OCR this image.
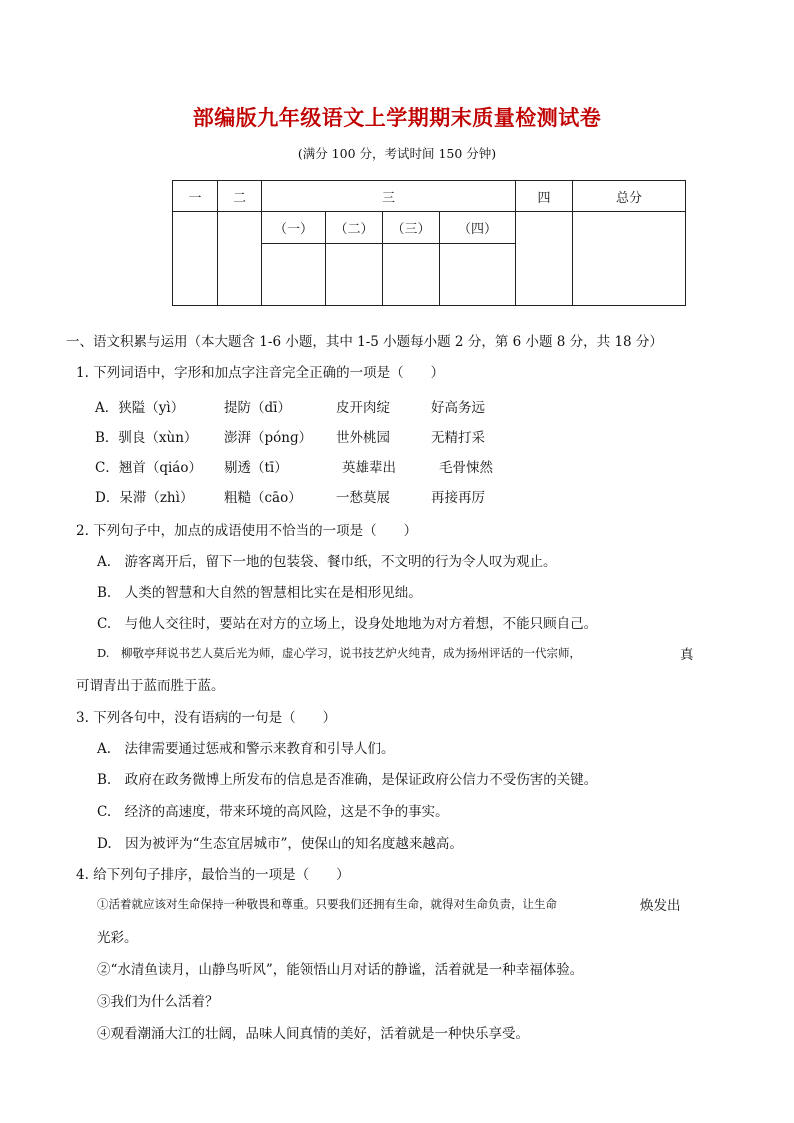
部编版九年级语文上学期期末质量检测试卷
(满分 100 分，考试时间 150 分钟)
一	二	三				四	总分
		（一）	（二）	（三）	（四）		

一、语文积累与运用（本大题含 1-6 小题，其中 1-5 小题每小题 2 分，第 6 小题 8 分，共 18 分）
1. 下列词语中，字形和加点字注音完全正确的一项是（　　）
A．狭隘（yì）	提防（dī）	皮开肉绽	好高务远
B．驯良（xùn） 澎湃（pónɡ） 世外桃园	无精打采
C．翘首（qiáo） 剔透（tī）	英雄辈出	毛骨悚然
D．呆滞（zhì） 粗糙（cāo）	一愁莫展	再接再厉
2. 下列句子中，加点的成语使用不恰当的一项是（　　）
A.　游客离开后，留下一地的包装袋、餐巾纸，不文明的行为令人叹为观止。
B.　人类的智慧和大自然的智慧相比实在是相形见绌。
C.　与他人交往时，要站在对方的立场上，设身处地地为对方着想，不能只顾自己。
D.　柳敬亭拜说书艺人莫后光为师，虚心学习，说书技艺炉火纯青，成为扬州评话的一代宗师，	真
可谓青出于蓝而胜于蓝。
3. 下列各句中，没有语病的一句是（　　）
A.　法律需要通过惩戒和警示来教育和引导人们。
B.　政府在政务微博上所发布的信息是否准确，是保证政府公信力不受伤害的关键。
C.　经济的高速度，带来环境的高风险，这是不争的事实。
D.　因为被评为“生态宜居城市”，使保山的知名度越来越高。
4. 给下列句子排序，最恰当的一项是（　　）
①活着就应该对生命保持一种敬畏和尊重。只要我们还拥有生命，就得对生命负责，让生命	焕发出
光彩。
②“水清鱼读月，山静鸟听风”，能领悟山月对话的静谧，活着就是一种幸福体验。
③我们为什么活着？
④观看潮涌大江的壮阔，品味人间真情的美好，活着就是一种快乐享受。
